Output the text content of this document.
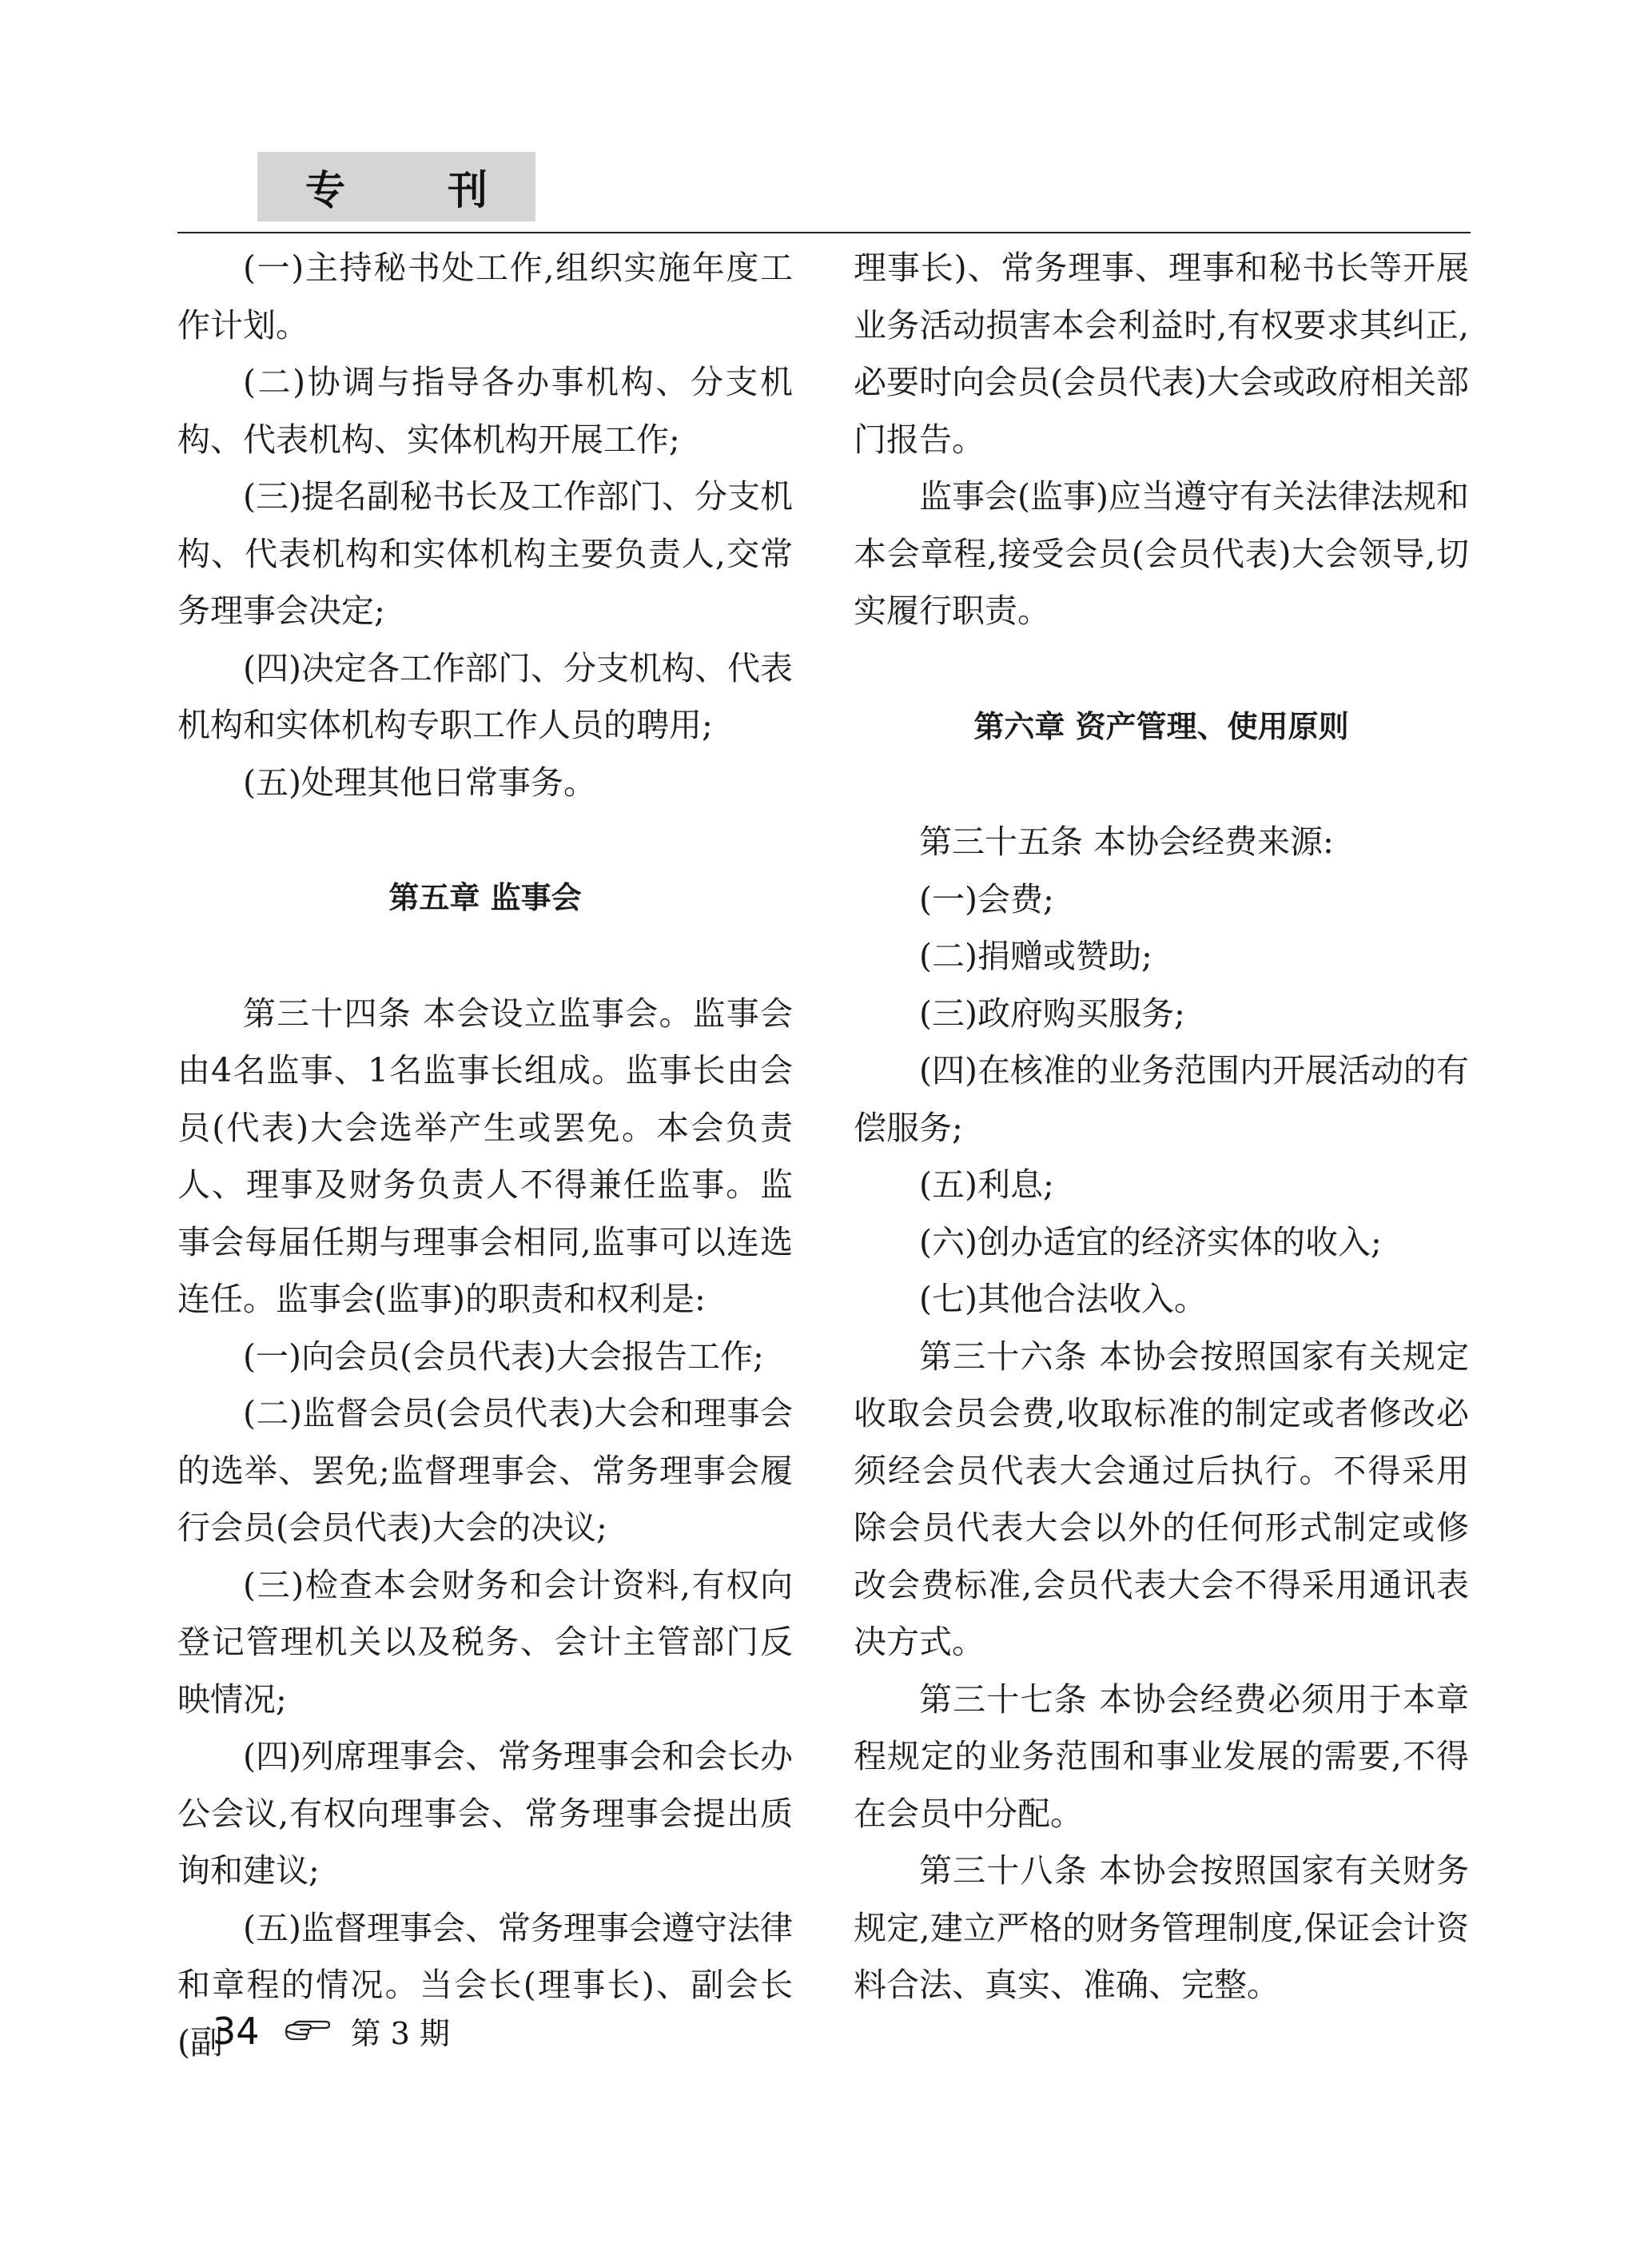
专	刊

(一)主持秘书处工作,组织实施年度工作计划。

(二)协调与指导各办事机构、分支机构、代表机构、实体机构开展工作;

(三)提名副秘书长及工作部门、分支机构、代表机构和实体机构主要负责人,交常务理事会决定;

(四)决定各工作部门、分支机构、代表机构和实体机构专职工作人员的聘用;

(五)处理其他日常事务。

第五章 监事会

第三十四条 本会设立监事会。监事会由4名监事、1名监事长组成。监事长由会员(代表)大会选举产生或罢免。本会负责人、理事及财务负责人不得兼任监事。监事会每届任期与理事会相同,监事可以连选连任。监事会(监事)的职责和权利是:

(一)向会员(会员代表)大会报告工作;

(二)监督会员(会员代表)大会和理事会的选举、罢免;监督理事会、常务理事会履行会员(会员代表)大会的决议;

(三)检查本会财务和会计资料,有权向登记管理机关以及税务、会计主管部门反映情况;

(四)列席理事会、常务理事会和会长办公会议,有权向理事会、常务理事会提出质询和建议;

(五)监督理事会、常务理事会遵守法律和章程的情况。当会长(理事长)、副会长(副

理事长)、常务理事、理事和秘书长等开展业务活动损害本会利益时,有权要求其纠正,必要时向会员(会员代表)大会或政府相关部门报告。

监事会(监事)应当遵守有关法律法规和本会章程,接受会员(会员代表)大会领导,切实履行职责。

第六章 资产管理、使用原则

第三十五条 本协会经费来源:

(一)会费;

(二)捐赠或赞助;

(三)政府购买服务;

(四)在核准的业务范围内开展活动的有偿服务;

(五)利息;

(六)创办适宜的经济实体的收入;

(七)其他合法收入。

第三十六条 本协会按照国家有关规定收取会员会费,收取标准的制定或者修改必须经会员代表大会通过后执行。不得采用除会员代表大会以外的任何形式制定或修改会费标准,会员代表大会不得采用通讯表决方式。

第三十七条 本协会经费必须用于本章程规定的业务范围和事业发展的需要,不得在会员中分配。

第三十八条 本协会按照国家有关财务规定,建立严格的财务管理制度,保证会计资料合法、真实、准确、完整。

34	第 3 期
